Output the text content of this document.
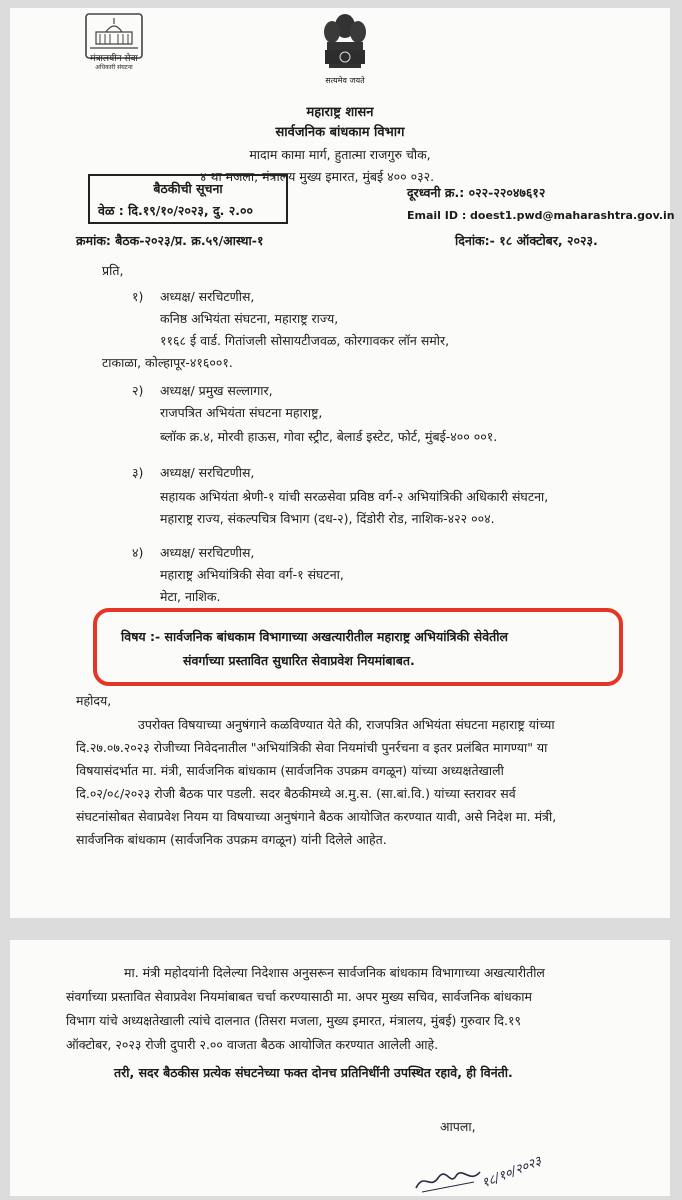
मंत्रालयीन सेवा
अधिकारी संघटना
सत्यमेव जयते
महाराष्ट्र शासन
सार्वजनिक बांधकाम विभाग
मादाम कामा मार्ग, हुतात्मा राजगुरु चौक,
४ था मजला, मंत्रालय मुख्य इमारत, मुंबई ४०० ०३२.
बैठकीची सूचना
वेळ : दि.१९/१०/२०२३, दु. २.००
दूरध्वनी क्र.: ०२२-२२०४७६१२
Email ID : doest1.pwd@maharashtra.gov.in
क्रमांक: बैठक-२०२३/प्र. क्र.५९/आस्था-१	दिनांक:- १८ ऑक्टोबर, २०२३.
प्रति,
१) अध्यक्ष/ सरचिटणीस,
कनिष्ठ अभियंता संघटना, महाराष्ट्र राज्य,
११६८ ई वार्ड. गितांजली सोसायटीजवळ, कोरगावकर लॉन समोर,
टाकाळा, कोल्हापूर-४१६००१.
२) अध्यक्ष/ प्रमुख सल्लागार,
राजपत्रित अभियंता संघटना महाराष्ट्र,
ब्लॉक क्र.४, मोरवी हाऊस, गोवा स्ट्रीट, बेलार्ड इस्टेट, फोर्ट, मुंबई-४०० ००१.
३) अध्यक्ष/ सरचिटणीस,
सहायक अभियंता श्रेणी-१ यांची सरळसेवा प्रविष्ठ वर्ग-२ अभियांत्रिकी अधिकारी संघटना,
महाराष्ट्र राज्य, संकल्पचित्र विभाग (दध-२), दिंडोरी रोड, नाशिक-४२२ ००४.
४) अध्यक्ष/ सरचिटणीस,
महाराष्ट्र अभियांत्रिकी सेवा वर्ग-१ संघटना,
मेटा, नाशिक.
विषय :- सार्वजनिक बांधकाम विभागाच्या अखत्यारीतील महाराष्ट्र अभियांत्रिकी सेवेतील
संवर्गाच्या प्रस्तावित सुधारित सेवाप्रवेश नियमांबाबत.
महोदय,
उपरोक्त विषयाच्या अनुषंगाने कळविण्यात येते की, राजपत्रित अभियंता संघटना महाराष्ट्र यांच्या
दि.२७.०७.२०२३ रोजीच्या निवेदनातील "अभियांत्रिकी सेवा नियमांची पुनर्रचना व इतर प्रलंबित मागण्या" या
विषयासंदर्भात मा. मंत्री, सार्वजनिक बांधकाम (सार्वजनिक उपक्रम वगळून) यांच्या अध्यक्षतेखाली
दि.०२/०८/२०२३ रोजी बैठक पार पडली. सदर बैठकीमध्ये अ.मु.स. (सा.बां.वि.) यांच्या स्तरावर सर्व
संघटनांसोबत सेवाप्रवेश नियम या विषयाच्या अनुषंगाने बैठक आयोजित करण्यात यावी, असे निदेश मा. मंत्री,
सार्वजनिक बांधकाम (सार्वजनिक उपक्रम वगळून) यांनी दिलेले आहेत.
मा. मंत्री महोदयांनी दिलेल्या निदेशास अनुसरून सार्वजनिक बांधकाम विभागाच्या अखत्यारीतील
संवर्गाच्या प्रस्तावित सेवाप्रवेश नियमांबाबत चर्चा करण्यासाठी मा. अपर मुख्य सचिव, सार्वजनिक बांधकाम
विभाग यांचे अध्यक्षतेखाली त्यांचे दालनात (तिसरा मजला, मुख्य इमारत, मंत्रालय, मुंबई) गुरुवार दि.१९
ऑक्टोबर, २०२३ रोजी दुपारी २.०० वाजता बैठक आयोजित करण्यात आलेली आहे.
तरी, सदर बैठकीस प्रत्येक संघटनेच्या फक्त दोनच प्रतिनिधींनी उपस्थित रहावे, ही विनंती.
आपला,
१८/१०/२०२३
